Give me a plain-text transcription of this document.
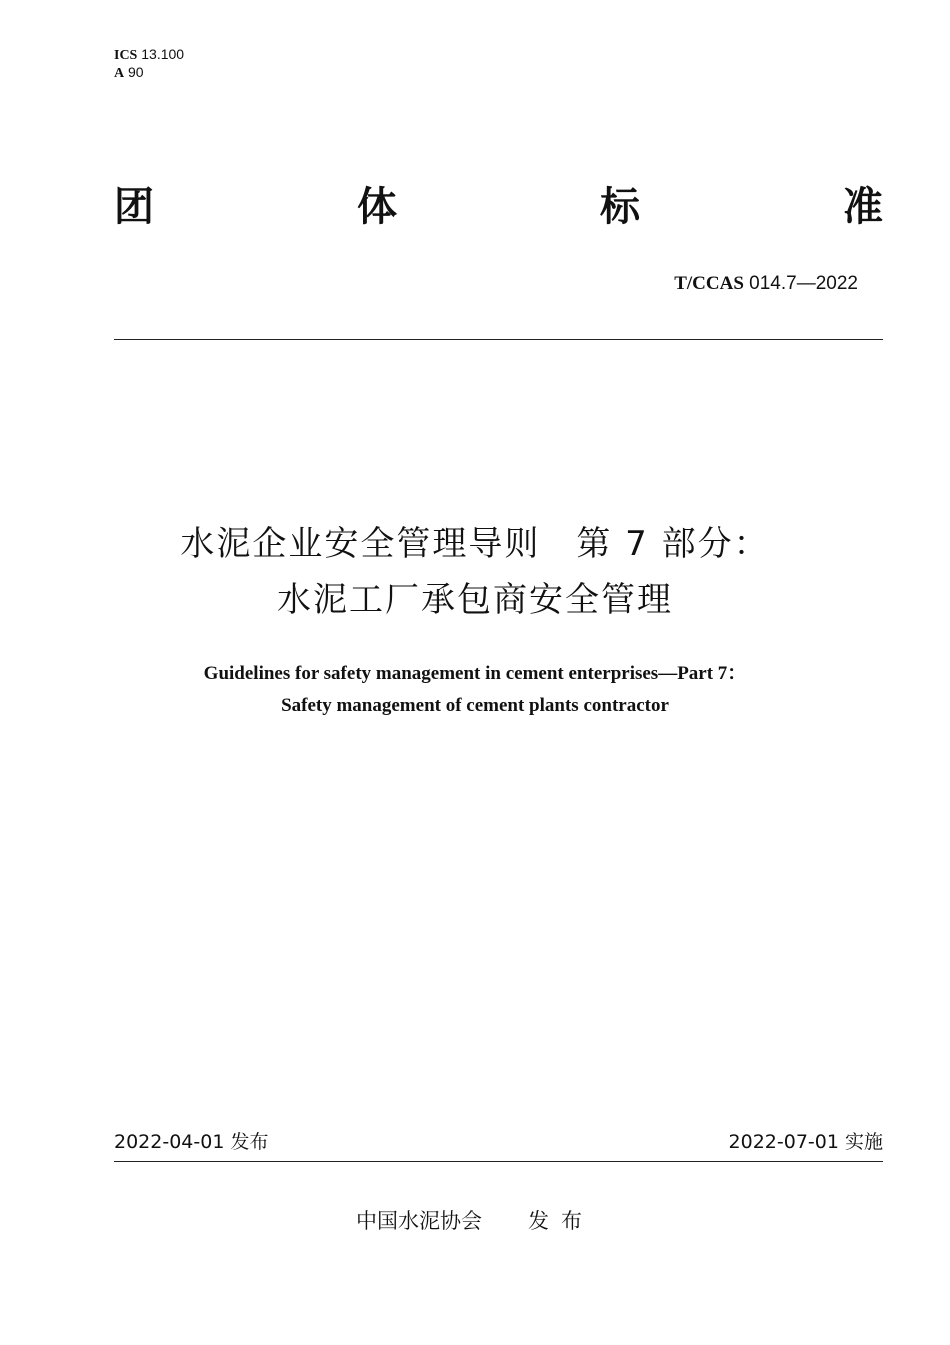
ICS 13.100
A 90
团	体	标	准
T/CCAS 014.7—2022
水泥企业安全管理导则　第 7 部分：
水泥工厂承包商安全管理
Guidelines for safety management in cement enterprises—Part 7：
Safety management of cement plants contractor
2022-04-01 发布	2022-07-01 实施
中国水泥协会 发布
